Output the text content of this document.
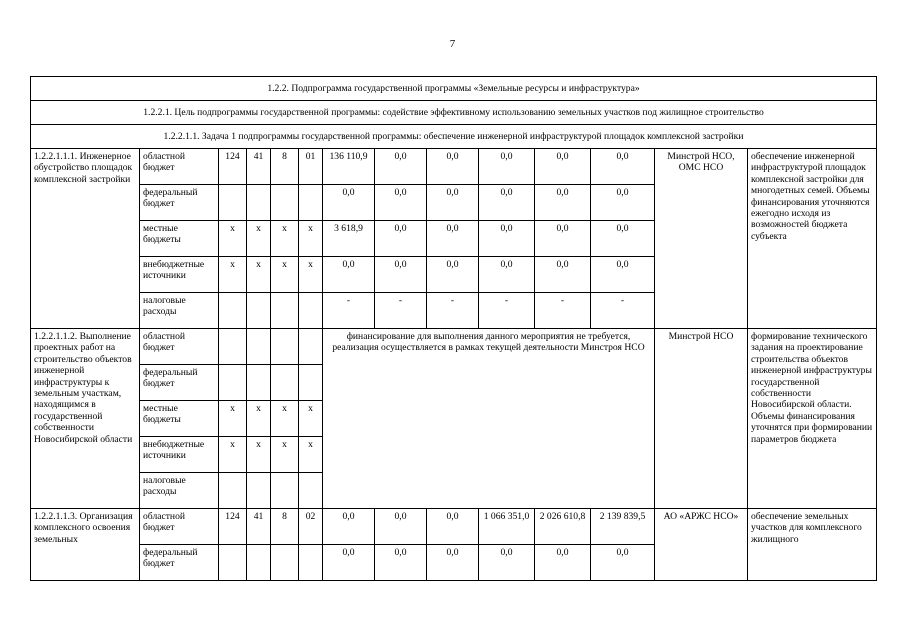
7
1.2.2. Подпрограмма государственной программы «Земельные ресурсы и инфраструктура»													
1.2.2.1. Цель подпрограммы государственной программы: содействие эффективному использованию земельных участков под жилищное строительство													
1.2.2.1.1. Задача 1 подпрограммы государственной программы: обеспечение инженерной инфраструктурой площадок комплексной застройки													
1.2.2.1.1.1. Инженерное обустройство площадок комплексной застройки	областной бюджет	124	41	8	01	136 110,9	0,0	0,0	0,0	0,0	0,0	Минстрой НСО, ОМС НСО	обеспечение инженерной инфраструктурой площадок комплексной застройки для многодетных семей. Объемы финансирования уточняются ежегодно исходя из возможностей бюджета субъекта
	федеральный бюджет					0,0	0,0	0,0	0,0	0,0	0,0		
	местные бюджеты	х	х	х	х	3 618,9	0,0	0,0	0,0	0,0	0,0		
	внебюджетные источники	х	х	х	х	0,0	0,0	0,0	0,0	0,0	0,0		
	налоговые расходы					-	-	-	-	-	-		
1.2.2.1.1.2. Выполнение проектных работ на строительство объектов инженерной инфраструктуры к земельным участкам, находящимся в государственной собственности Новосибирской области	областной бюджет					финансирование для выполнения данного мероприятия не требуется, реализация осуществляется в рамках текущей деятельности Минстроя НСО						Минстрой НСО	формирование технического задания на проектирование строительства объектов инженерной инфраструктуры государственной собственности Новосибирской области. Объемы финансирования уточнятся при формировании параметров бюджета
	федеральный бюджет												
	местные бюджеты	х	х	х	х								
	внебюджетные источники	х	х	х	х								
	налоговые расходы												
1.2.2.1.1.3. Организация комплексного освоения земельных	областной бюджет	124	41	8	02	0,0	0,0	0,0	1 066 351,0	2 026 610,8	2 139 839,5	АО «АРЖС НСО»	обеспечение земельных участков для комплексного жилищного
	федеральный бюджет					0,0	0,0	0,0	0,0	0,0	0,0		
